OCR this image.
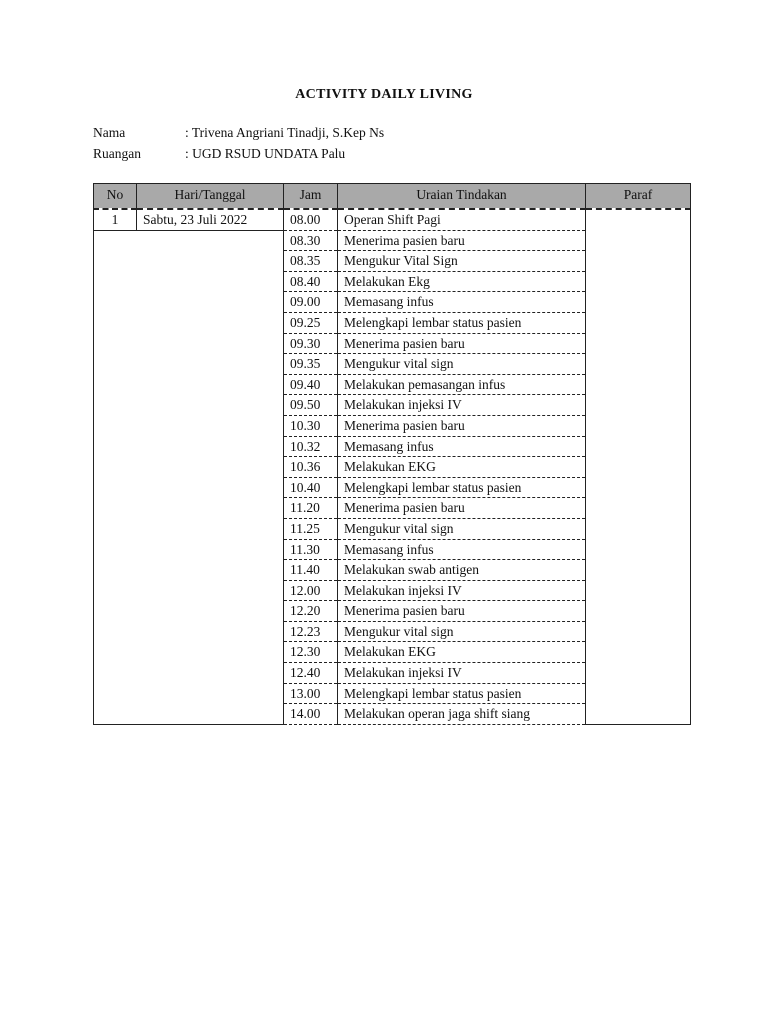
ACTIVITY DAILY LIVING
Nama	: Trivena Angriani Tinadji, S.Kep Ns
Ruangan	: UGD RSUD UNDATA Palu
No	Hari/Tanggal	Jam	Uraian Tindakan	Paraf
1	Sabtu, 23 Juli 2022	08.00	Operan Shift Pagi	
		08.30	Menerima pasien baru	
		08.35	Mengukur Vital Sign	
		08.40	Melakukan Ekg	
		09.00	Memasang infus	
		09.25	Melengkapi lembar status pasien	
		09.30	Menerima pasien baru	
		09.35	Mengukur vital sign	
		09.40	Melakukan pemasangan infus	
		09.50	Melakukan injeksi IV	
		10.30	Menerima pasien baru	
		10.32	Memasang infus	
		10.36	Melakukan EKG	
		10.40	Melengkapi lembar status pasien	
		11.20	Menerima pasien baru	
		11.25	Mengukur vital sign	
		11.30	Memasang infus	
		11.40	Melakukan swab antigen	
		12.00	Melakukan injeksi IV	
		12.20	Menerima pasien baru	
		12.23	Mengukur vital sign	
		12.30	Melakukan EKG	
		12.40	Melakukan injeksi IV	
		13.00	Melengkapi lembar status pasien	
		14.00	Melakukan operan jaga shift siang	
